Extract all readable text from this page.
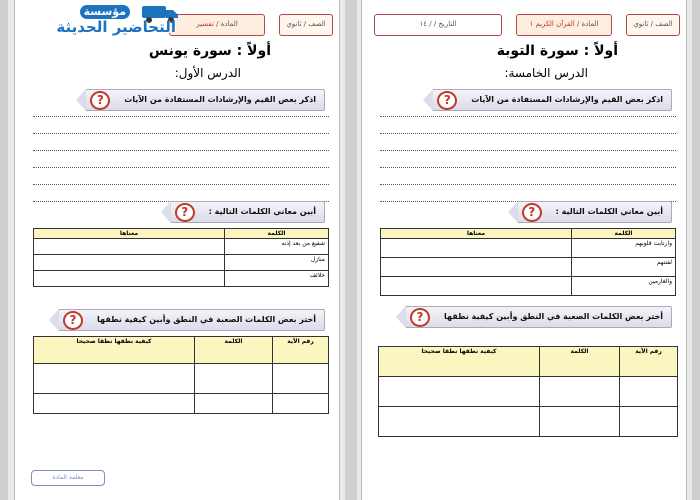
الصف / ثانوي
المادة / تفسير
أولاً : سورة يونس
الدرس الأول:
?	اذكر بعض القيم والإرشادات المستفادة من الآيات
?	أبين معاني الكلمات التالية :
الكلمة	معناها
شفيع من بعد إذنه	
منازل	
خلائف	
?	أختر بعض الكلمات الصعبة في النطق وأبين كيفية نطقها
رقم الآية	الكلمة	كيفية نطقها نطقا صحيحا

معلمة المادة
الصف / ثانوي
المادة / القرآن الكريم ١
التاريخ / / ١٤
أولاً : سورة التوبة
الدرس الخامسة:
?	اذكر بعض القيم والإرشادات المستفادة من الآيات
?	أبين معاني الكلمات التالية :
الكلمة	معناها
وارتابت قلوبهم	
لفتنهم	
والغارمين	
?	أختر بعض الكلمات الصعبة في النطق وأبين كيفية نطقها
رقم الآية	الكلمة	كيفية نطقها نطقا صحيحا

مؤسسة
التحاضير الحديثة
